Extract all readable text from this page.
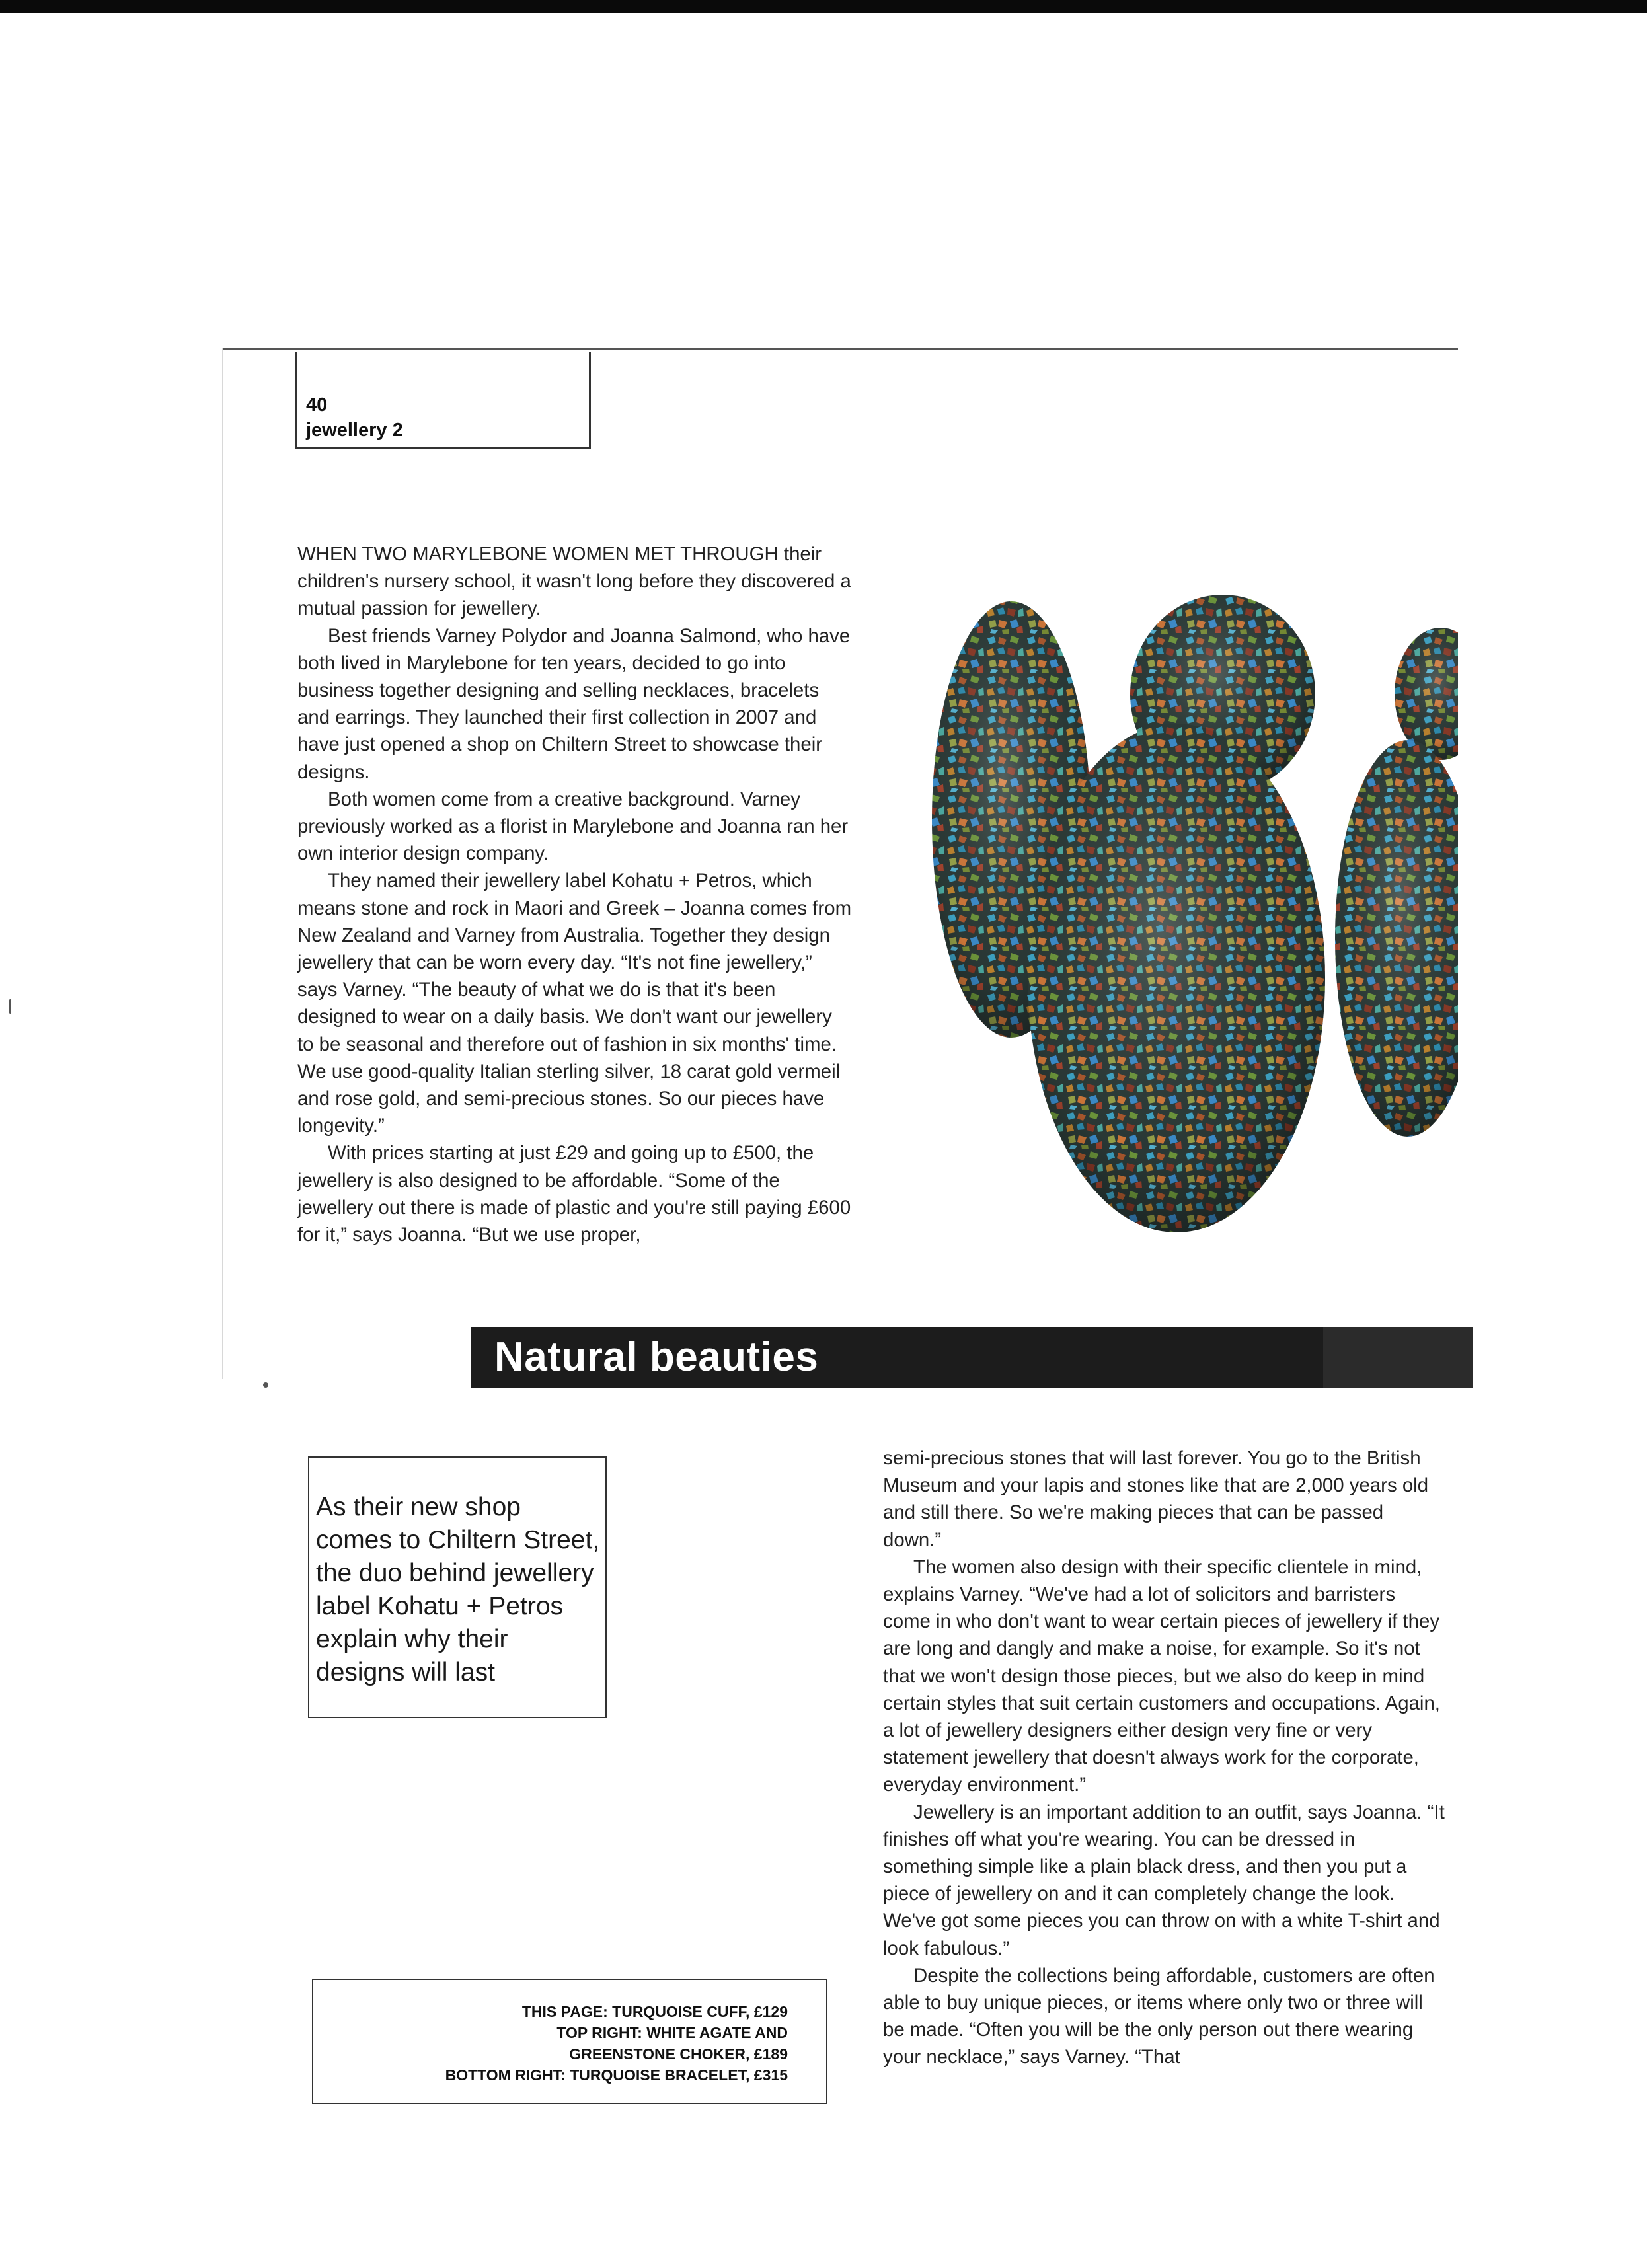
40
jewellery 2

WHEN TWO MARYLEBONE WOMEN MET THROUGH their children's nursery school, it wasn't long before they discovered a mutual passion for jewellery.

Best friends Varney Polydor and Joanna Salmond, who have both lived in Marylebone for ten years, decided to go into business together designing and selling necklaces, bracelets and earrings. They launched their first collection in 2007 and have just opened a shop on Chiltern Street to showcase their designs.

Both women come from a creative background. Varney previously worked as a florist in Marylebone and Joanna ran her own interior design company.

They named their jewellery label Kohatu + Petros, which means stone and rock in Maori and Greek – Joanna comes from New Zealand and Varney from Australia. Together they design jewellery that can be worn every day. “It's not fine jewellery,” says Varney. “The beauty of what we do is that it's been designed to wear on a daily basis. We don't want our jewellery to be seasonal and therefore out of fashion in six months' time. We use good-quality Italian sterling silver, 18 carat gold vermeil and rose gold, and semi-precious stones. So our pieces have longevity.”

With prices starting at just £29 and going up to £500, the jewellery is also designed to be affordable. “Some of the jewellery out there is made of plastic and you're still paying £600 for it,” says Joanna. “But we use proper,

Natural beauties
As their new shop comes to Chiltern Street, the duo behind jewellery label Kohatu + Petros explain why their designs will last

semi-precious stones that will last forever. You go to the British Museum and your lapis and stones like that are 2,000 years old and still there. So we're making pieces that can be passed down.”

The women also design with their specific clientele in mind, explains Varney. “We've had a lot of solicitors and barristers come in who don't want to wear certain pieces of jewellery if they are long and dangly and make a noise, for example. So it's not that we won't design those pieces, but we also do keep in mind certain styles that suit certain customers and occupations. Again, a lot of jewellery designers either design very fine or very statement jewellery that doesn't always work for the corporate, everyday environment.”

Jewellery is an important addition to an outfit, says Joanna. “It finishes off what you're wearing. You can be dressed in something simple like a plain black dress, and then you put a piece of jewellery on and it can completely change the look. We've got some pieces you can throw on with a white T-shirt and look fabulous.”

Despite the collections being affordable, customers are often able to buy unique pieces, or items where only two or three will be made. “Often you will be the only person out there wearing your necklace,” says Varney. “That

THIS PAGE: TURQUOISE CUFF, £129
TOP RIGHT: WHITE AGATE AND
GREENSTONE CHOKER, £189
BOTTOM RIGHT: TURQUOISE BRACELET, £315
